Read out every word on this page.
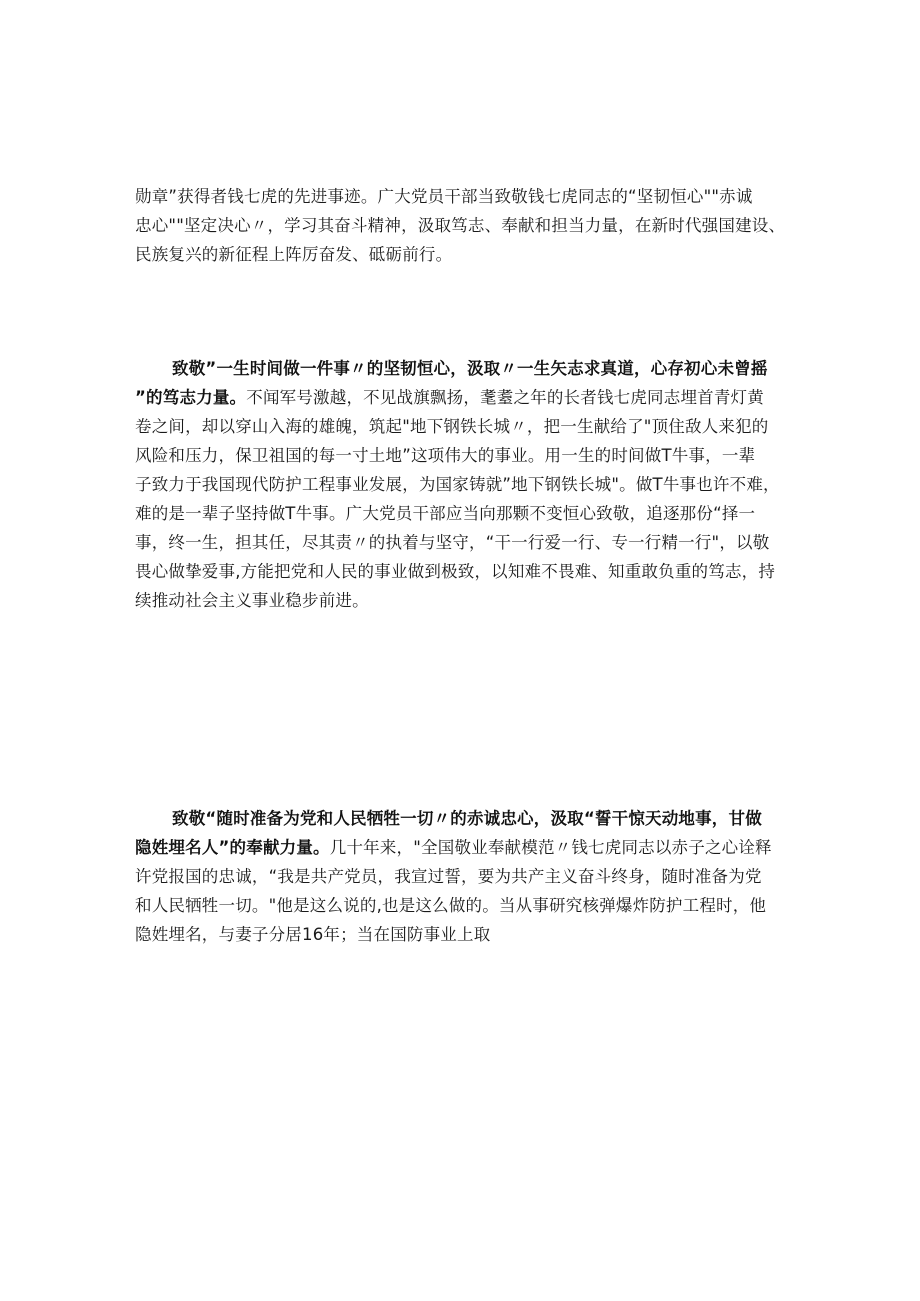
勋章”获得者钱七虎的先进事迹。广大党员干部当致敬钱七虎同志的“坚韧恒心""赤诚
忠心""坚定决心〃，学习其奋斗精神，汲取笃志、奉献和担当力量，在新时代强国建设、
民族复兴的新征程上阵厉奋发、砥砺前行。
致敬”一生时间做一件事〃的坚韧恒心，汲取〃一生矢志求真道，心存初心未曾摇
”的笃志力量。不闻军号激越，不见战旗飘扬，耄耋之年的长者钱七虎同志埋首青灯黄
卷之间，却以穿山入海的雄魄，筑起"地下钢铁长城〃，把一生献给了"顶住敌人来犯的
风险和压力，保卫祖国的每一寸土地”这项伟大的事业。用一生的时间做T牛事，一辈
子致力于我国现代防护工程事业发展，为国家铸就”地下钢铁长城"。做T牛事也许不难，
难的是一辈子坚持做T牛事。广大党员干部应当向那颗不变恒心致敬，追逐那份“择一
事，终一生，担其任，尽其责〃的执着与坚守，“干一行爱一行、专一行精一行"，以敬
畏心做挚爱事,方能把党和人民的事业做到极致，以知难不畏难、知重敢负重的笃志，持
续推动社会主义事业稳步前进。
致敬“随时准备为党和人民牺牲一切〃的赤诚忠心，汲取“誓干惊天动地事，甘做
隐姓埋名人”的奉献力量。几十年来，"全国敬业奉献模范〃钱七虎同志以赤子之心诠释
许党报国的忠诚，“我是共产党员，我宣过誓，要为共产主义奋斗终身，随时准备为党
和人民牺牲一切。"他是这么说的,也是这么做的。当从事研究核弹爆炸防护工程时，他
隐姓埋名，与妻子分居16年；当在国防事业上取
